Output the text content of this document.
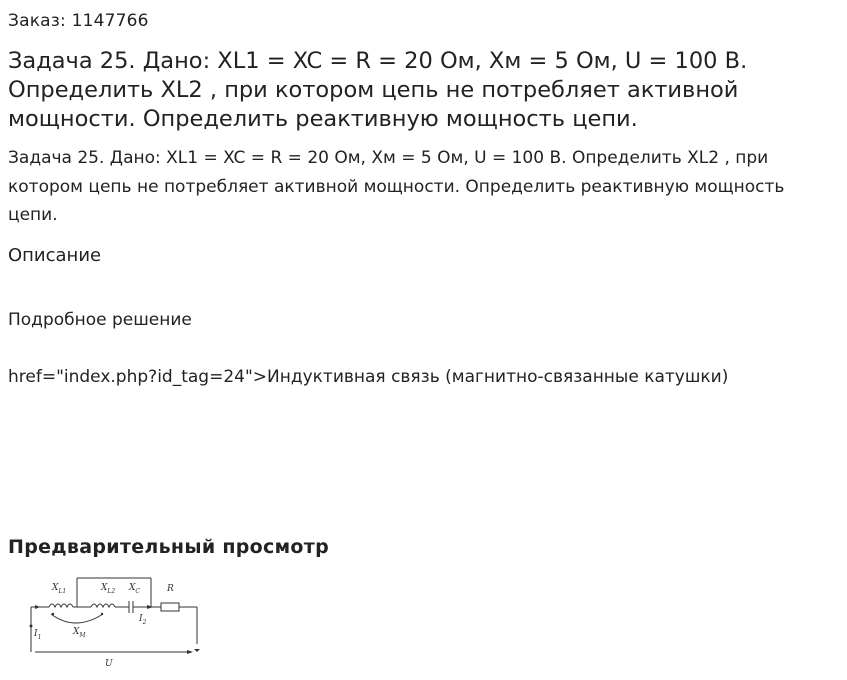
Заказ: 1147766
Задача 25. Дано: XL1 = XC = R = 20 Ом, Хм = 5 Ом, U = 100 В. Определить XL2 , при котором цепь не потребляет активной мощности. Определить реактивную мощность цепи.

Задача 25. Дано: XL1 = XC = R = 20 Ом, Хм = 5 Ом, U = 100 В. Определить XL2 , при котором цепь не потребляет активной мощности. Определить реактивную мощность цепи.

Описание
Подробное решение
href="index.php?id_tag=24">Индуктивная связь (магнитно-связанные катушки)
Предварительный просмотр
$X_{L1}$	$X_{L2}$ $X_C$	R
$X_M$
$I_1$
$I_2$
U
